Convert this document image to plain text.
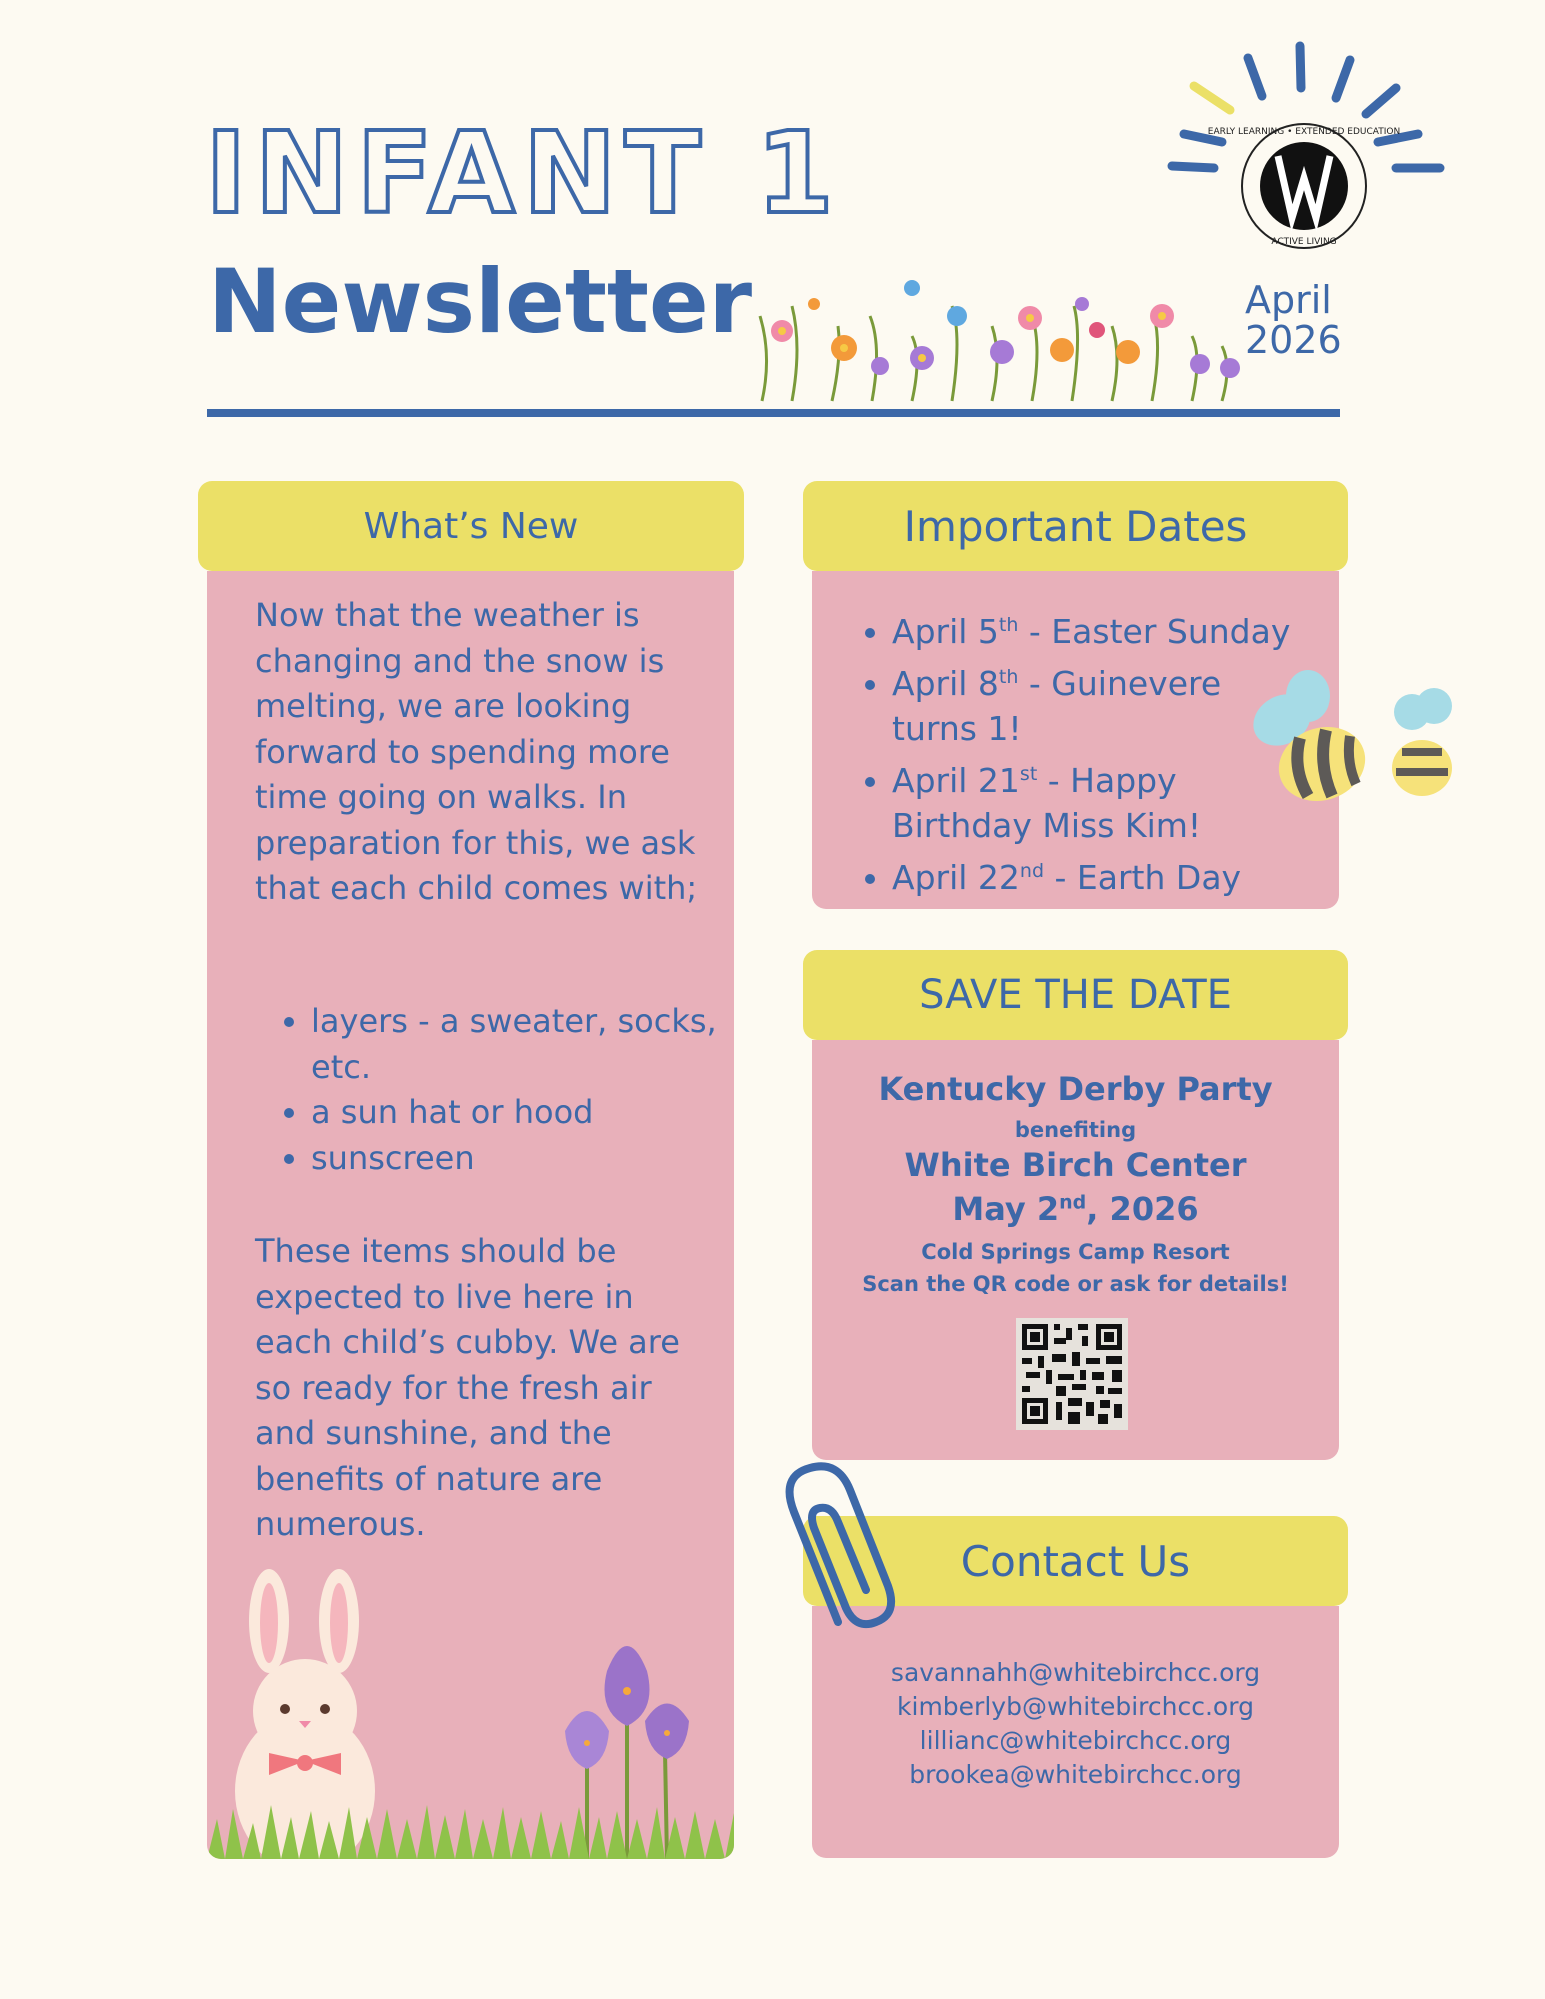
INFANT 1
Newsletter	April
2026
EARLY LEARNING • EXTENDED EDUCATION
ACTIVE LIVING
Now that the weather is changing and the snow is melting, we are looking forward to spending more time going on walks. In preparation for this, we ask that each child comes with;
• layers - a sweater, socks, etc.
• a sun hat or hood
• sunscreen
These items should be expected to live here in each child’s cubby. We are so ready for the fresh air and sunshine, and the benefits of nature are numerous.
What’s New
• April 5th - Easter Sunday
• April 8th - Guinevere turns 1!
• April 21st - Happy Birthday Miss Kim!
• April 22nd - Earth Day
Important Dates
Kentucky Derby Party
benefiting
White Birch Center
May 2nd, 2026
Cold Springs Camp Resort
Scan the QR code or ask for details!
SAVE THE DATE
savannahh@whitebirchcc.org
kimberlyb@whitebirchcc.org
lillianc@whitebirchcc.org
brookea@whitebirchcc.org
Contact Us
